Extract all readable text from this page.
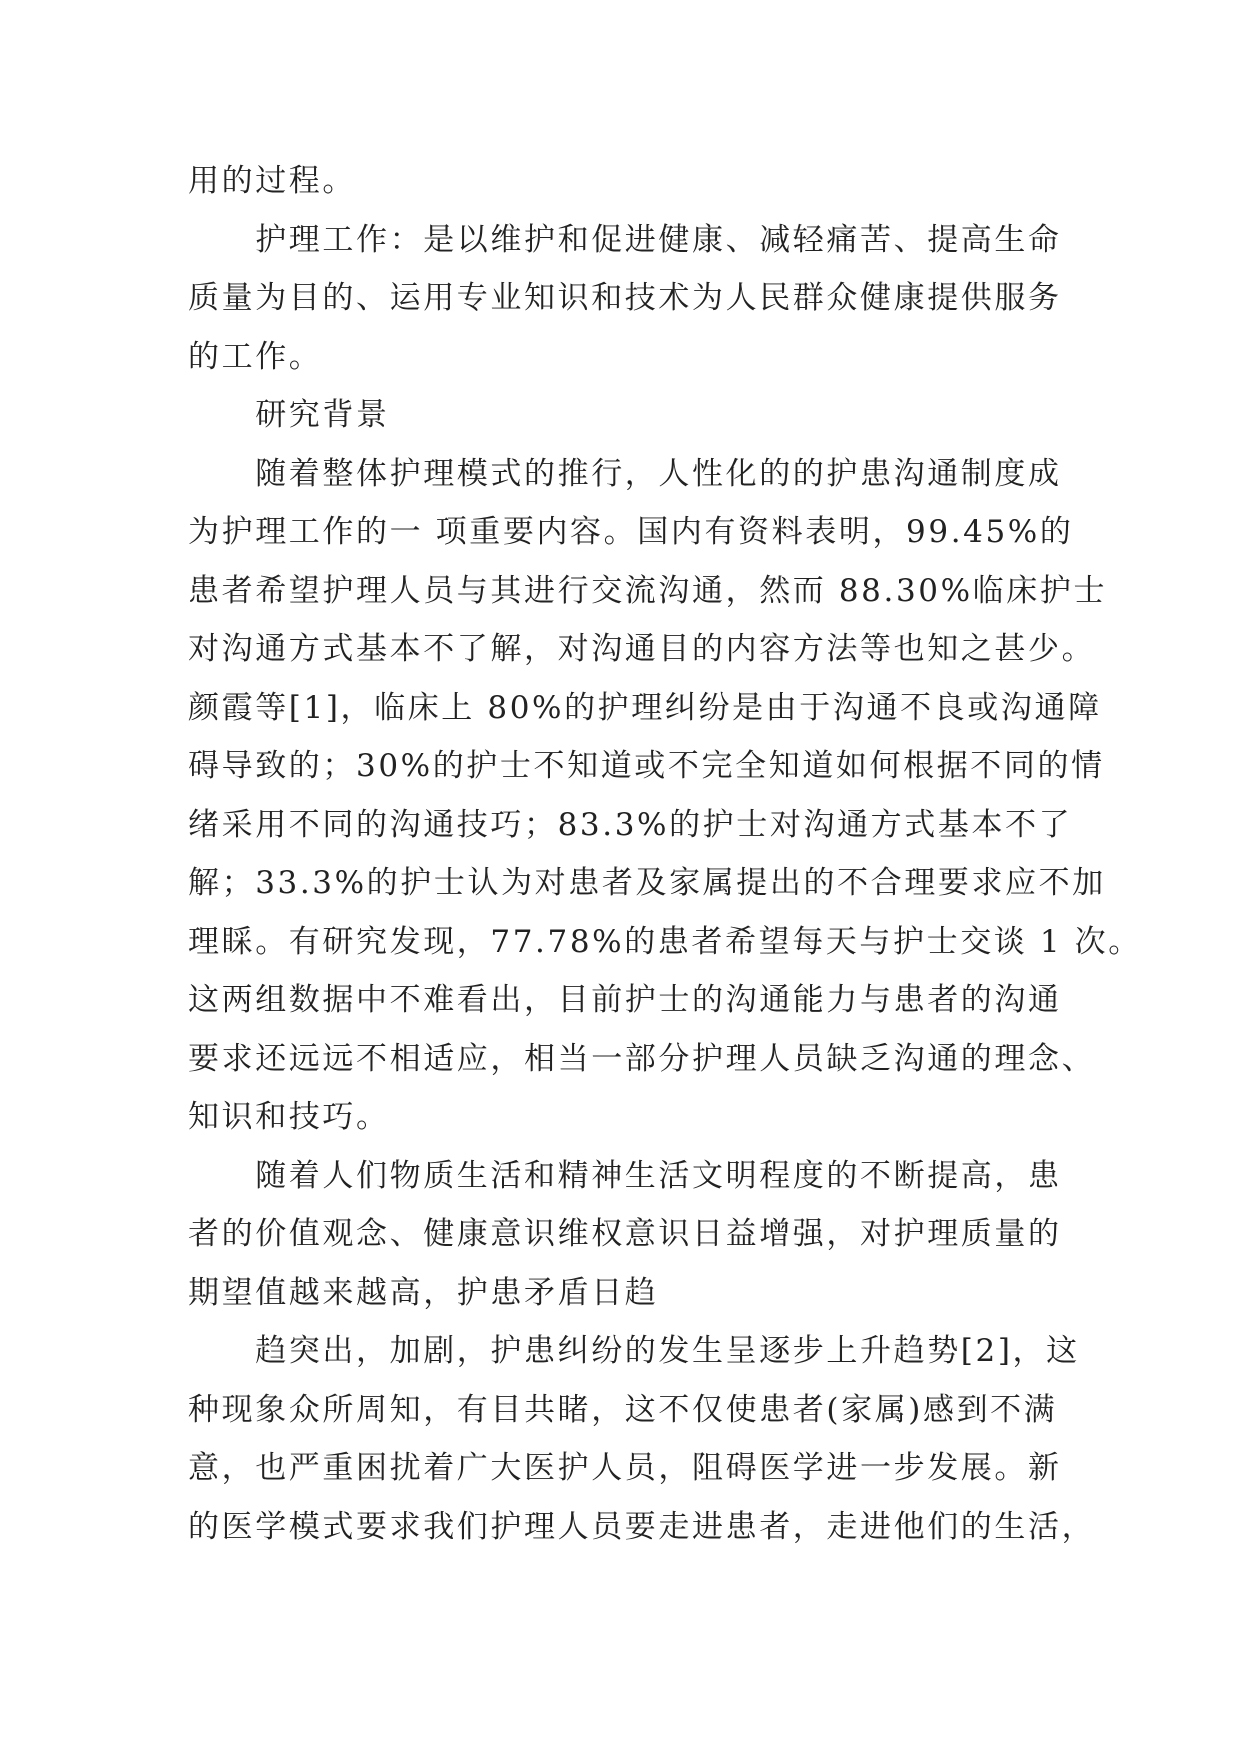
用的过程。
　　护理工作：是以维护和促进健康、减轻痛苦、提高生命
质量为目的、运用专业知识和技术为人民群众健康提供服务
的工作。
　　研究背景
　　随着整体护理模式的推行，人性化的的护患沟通制度成
为护理工作的一 项重要内容。国内有资料表明，99.45%的
患者希望护理人员与其进行交流沟通，然而 88.30%临床护士
对沟通方式基本不了解，对沟通目的内容方法等也知之甚少。
颜霞等[1]，临床上 80%的护理纠纷是由于沟通不良或沟通障
碍导致的；30%的护士不知道或不完全知道如何根据不同的情
绪采用不同的沟通技巧；83.3%的护士对沟通方式基本不了
解；33.3%的护士认为对患者及家属提出的不合理要求应不加
理睬。有研究发现，77.78%的患者希望每天与护士交谈 1 次。
这两组数据中不难看出，目前护士的沟通能力与患者的沟通
要求还远远不相适应，相当一部分护理人员缺乏沟通的理念、
知识和技巧。
　　随着人们物质生活和精神生活文明程度的不断提高，患
者的价值观念、健康意识维权意识日益增强，对护理质量的
期望值越来越高，护患矛盾日趋
　　趋突出，加剧，护患纠纷的发生呈逐步上升趋势[2]，这
种现象众所周知，有目共睹，这不仅使患者(家属)感到不满
意，也严重困扰着广大医护人员，阻碍医学进一步发展。新
的医学模式要求我们护理人员要走进患者，走进他们的生活，
